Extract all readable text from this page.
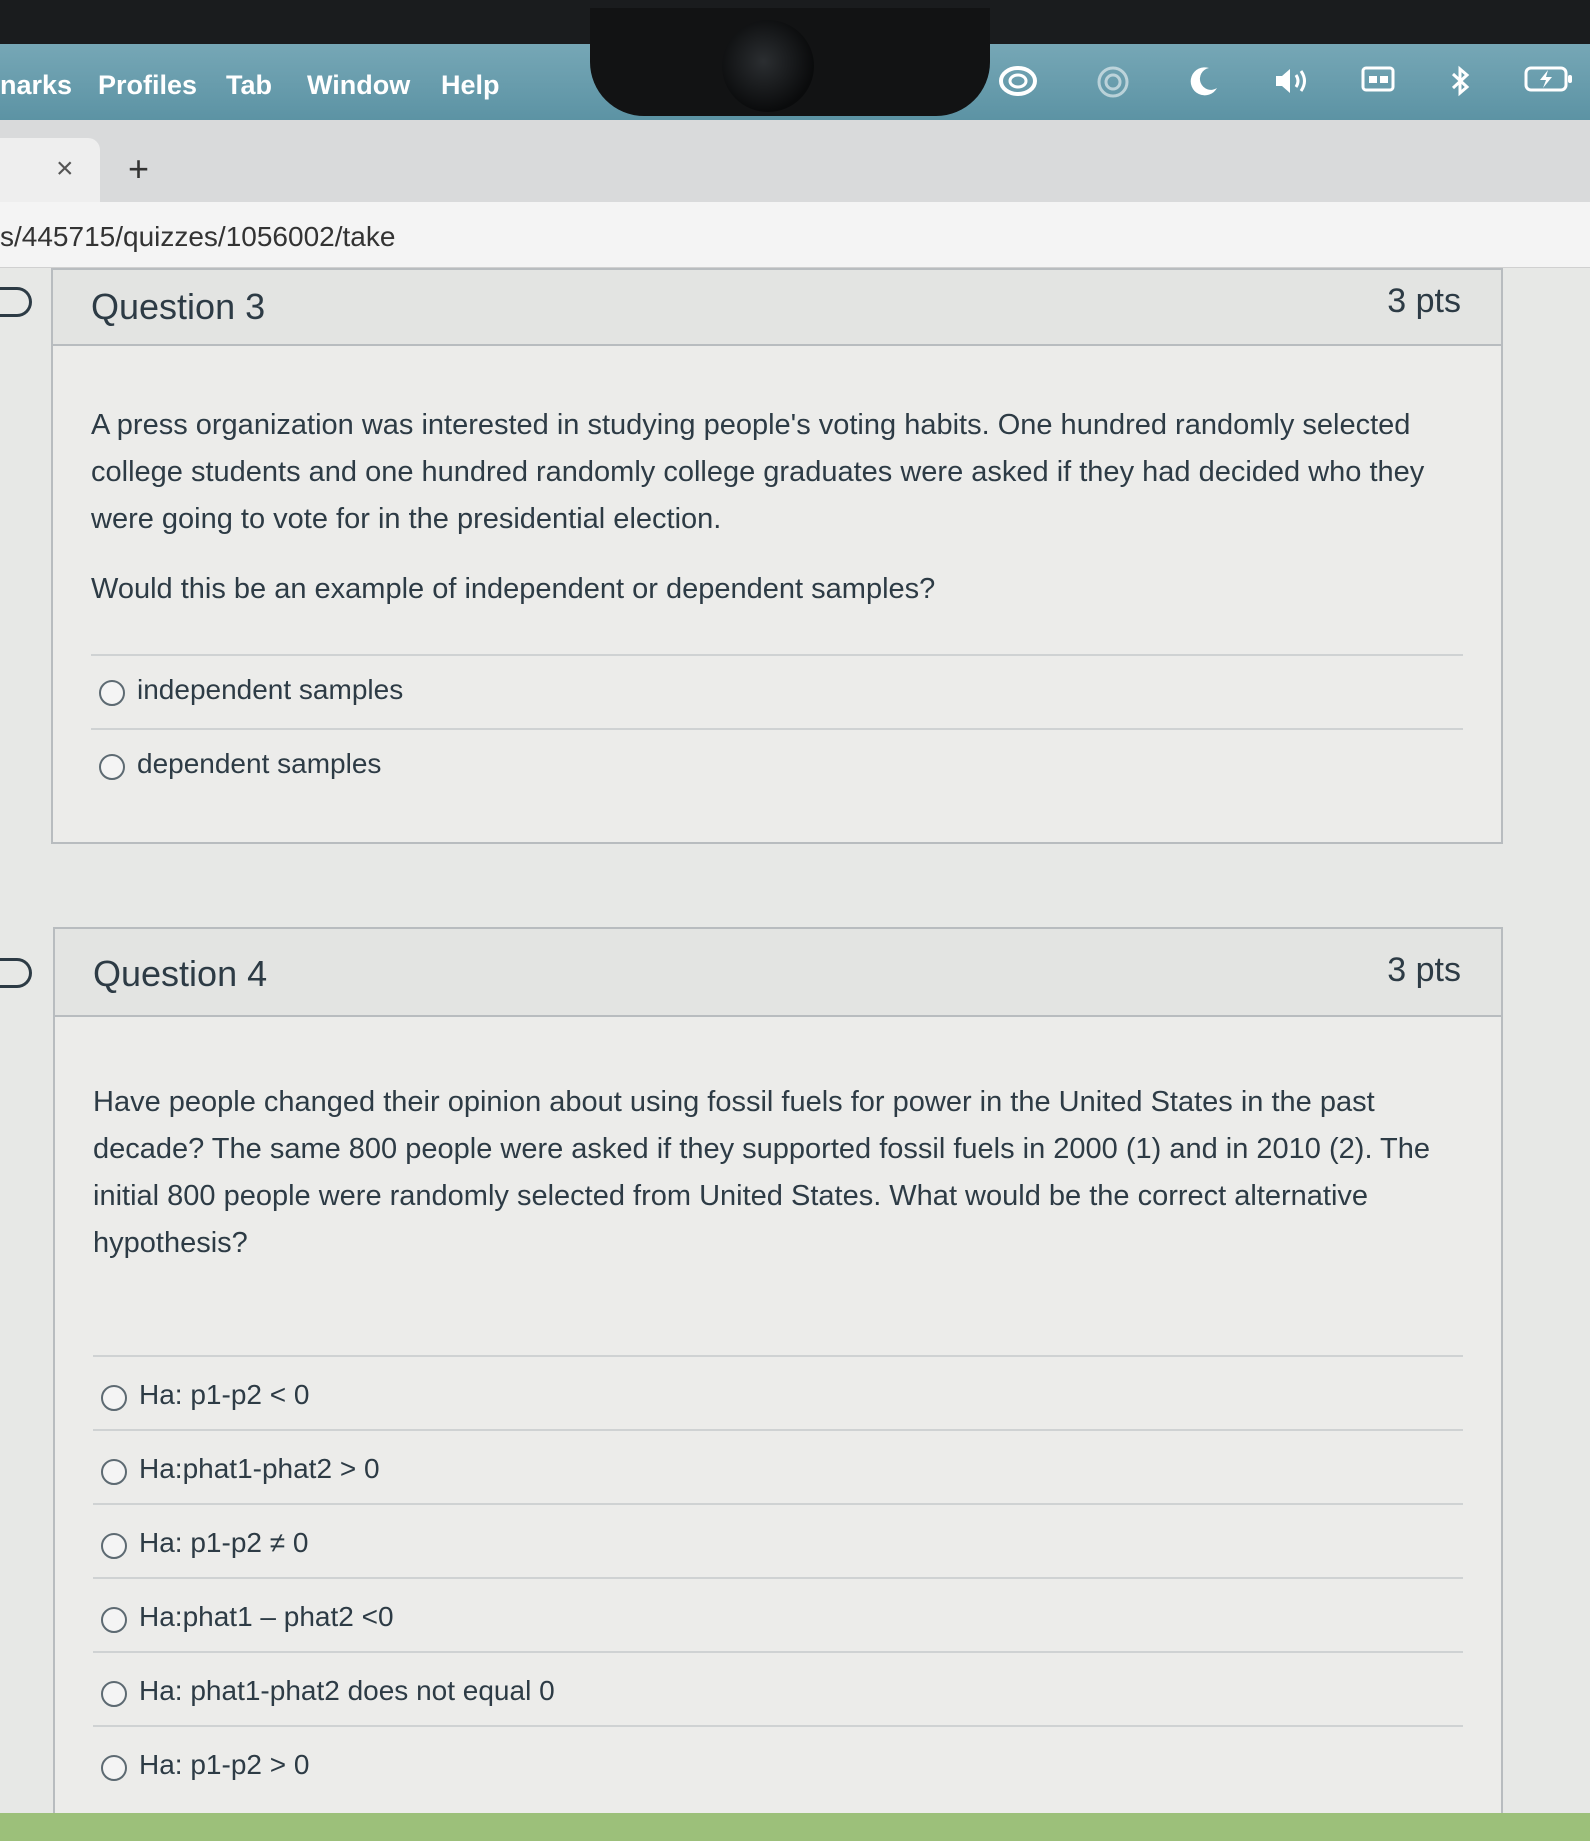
narks Profiles Tab Window Help
× +
s/445715/quizzes/1056002/take
Question 3	3 pts
A press organization was interested in studying people's voting habits. One hundred randomly selected college students and one hundred randomly college graduates were asked if they had decided who they were going to vote for in the presidential election.
Would this be an example of independent or dependent samples?
independent samples
dependent samples
Question 4	3 pts
Have people changed their opinion about using fossil fuels for power in the United States in the past decade? The same 800 people were asked if they supported fossil fuels in 2000 (1) and in 2010 (2). The initial 800 people were randomly selected from United States. What would be the correct alternative hypothesis?
Ha: p1-p2 < 0
Ha:phat1-phat2 > 0
Ha: p1-p2 ≠ 0
Ha:phat1 – phat2 <0
Ha: phat1-phat2 does not equal 0
Ha: p1-p2 > 0
